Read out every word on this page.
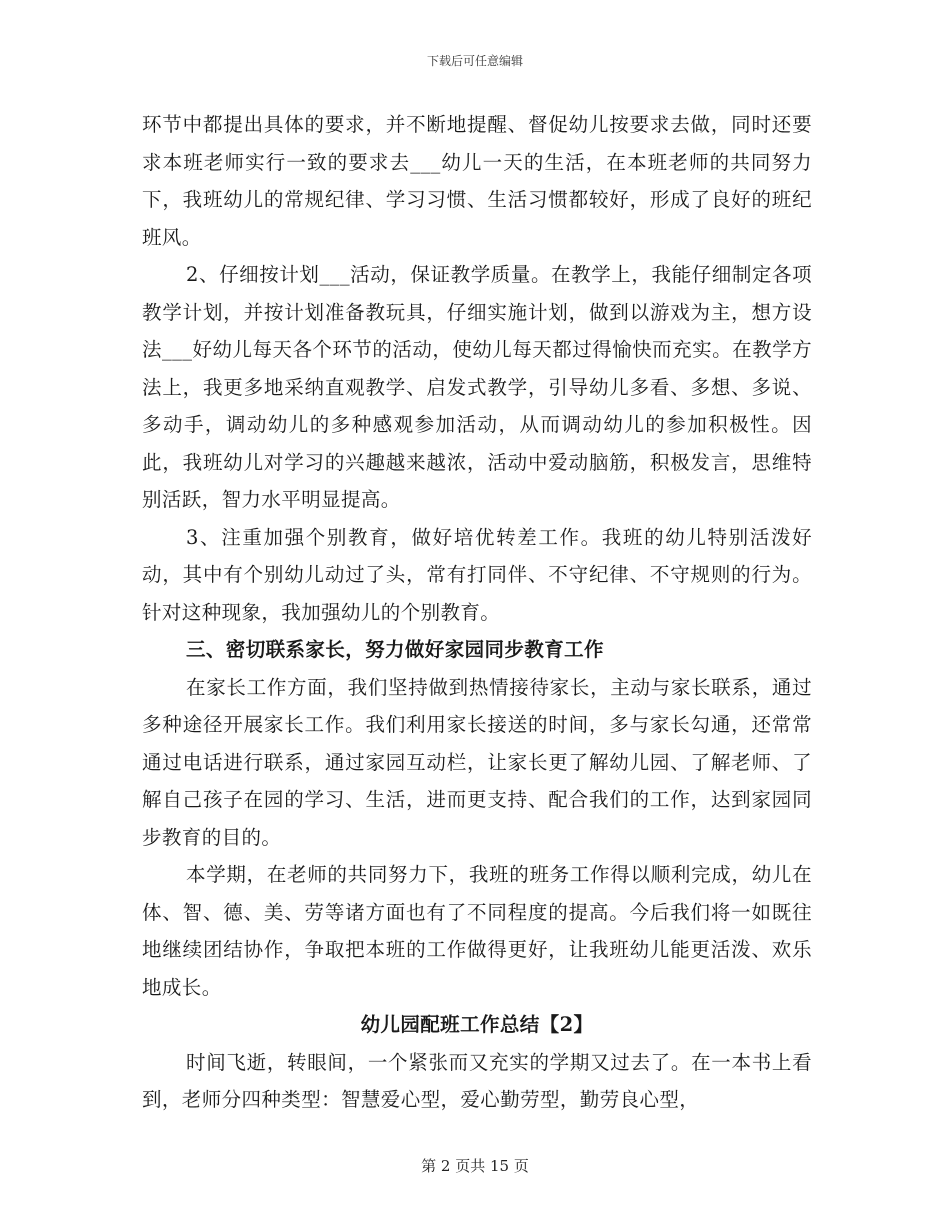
下载后可任意编辑

环节中都提出具体的要求，并不断地提醒、督促幼儿按要求去做，同时还要求本班老师实行一致的要求去___幼儿一天的生活，在本班老师的共同努力下，我班幼儿的常规纪律、学习习惯、生活习惯都较好，形成了良好的班纪班风。

2、仔细按计划___活动，保证教学质量。在教学上，我能仔细制定各项教学计划，并按计划准备教玩具，仔细实施计划，做到以游戏为主，想方设法___好幼儿每天各个环节的活动，使幼儿每天都过得愉快而充实。在教学方法上，我更多地采纳直观教学、启发式教学，引导幼儿多看、多想、多说、多动手，调动幼儿的多种感观参加活动，从而调动幼儿的参加积极性。因此，我班幼儿对学习的兴趣越来越浓，活动中爱动脑筋，积极发言，思维特别活跃，智力水平明显提高。

3、注重加强个别教育，做好培优转差工作。我班的幼儿特别活泼好动，其中有个别幼儿动过了头，常有打同伴、不守纪律、不守规则的行为。针对这种现象，我加强幼儿的个别教育。

三、密切联系家长，努力做好家园同步教育工作

在家长工作方面，我们坚持做到热情接待家长，主动与家长联系，通过多种途径开展家长工作。我们利用家长接送的时间，多与家长勾通，还常常通过电话进行联系，通过家园互动栏，让家长更了解幼儿园、了解老师、了解自己孩子在园的学习、生活，进而更支持、配合我们的工作，达到家园同步教育的目的。

本学期，在老师的共同努力下，我班的班务工作得以顺利完成，幼儿在体、智、德、美、劳等诸方面也有了不同程度的提高。今后我们将一如既往地继续团结协作，争取把本班的工作做得更好，让我班幼儿能更活泼、欢乐地成长。

幼儿园配班工作总结【2】

时间飞逝，转眼间，一个紧张而又充实的学期又过去了。在一本书上看到，老师分四种类型：智慧爱心型，爱心勤劳型，勤劳良心型，

第 2 页共 15 页
